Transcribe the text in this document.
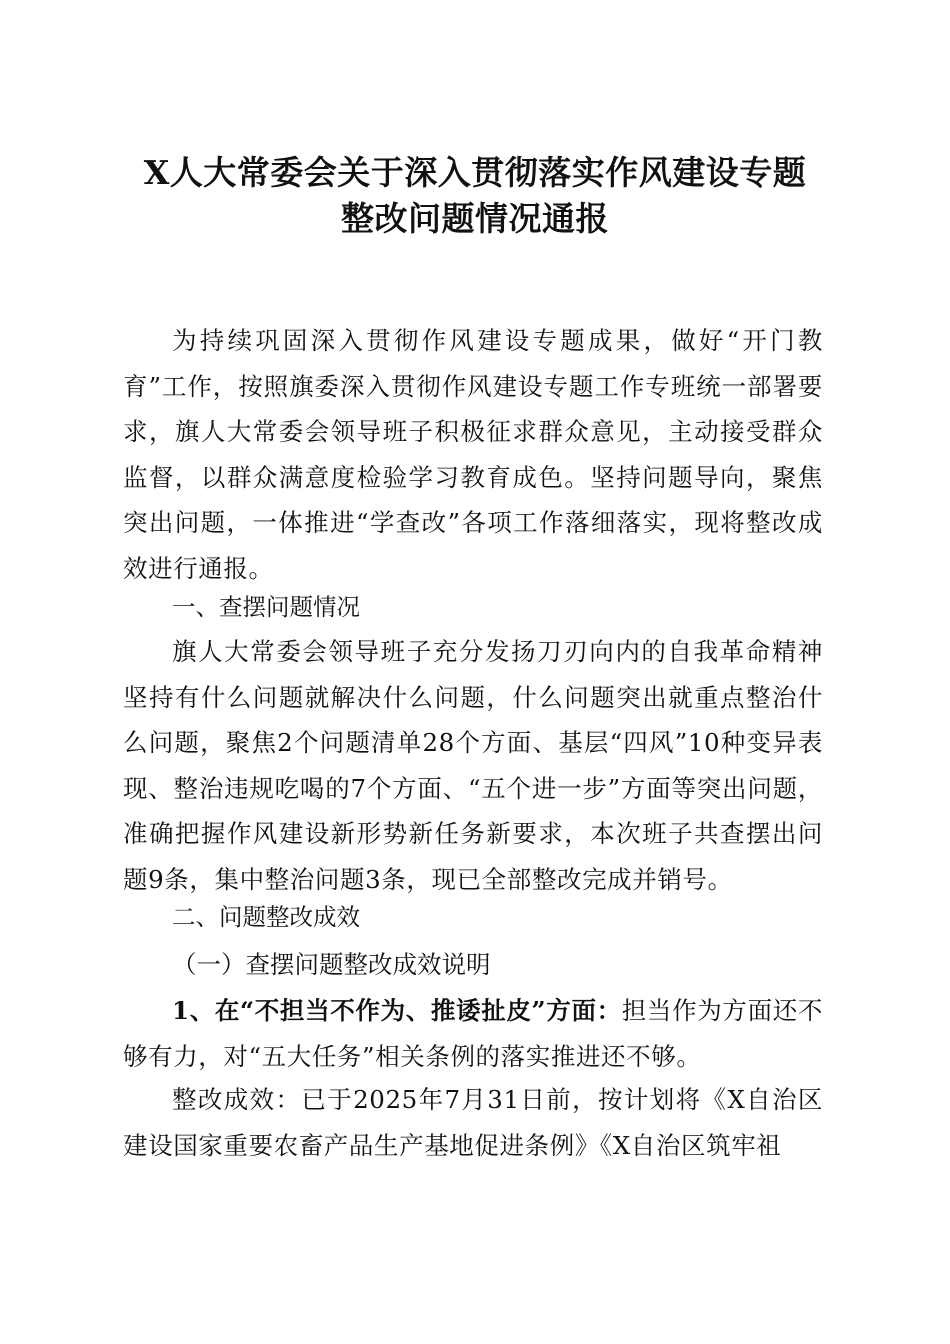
X人大常委会关于深入贯彻落实作风建设专题
整改问题情况通报

为持续巩固深入贯彻作风建设专题成果，做好“开门教育”工作，按照旗委深入贯彻作风建设专题工作专班统一部署要求，旗人大常委会领导班子积极征求群众意见，主动接受群众监督，以群众满意度检验学习教育成色。坚持问题导向，聚焦突出问题，一体推进“学查改”各项工作落细落实，现将整改成效进行通报。

一、查摆问题情况

旗人大常委会领导班子充分发扬刀刃向内的自我革命精神坚持有什么问题就解决什么问题，什么问题突出就重点整治什么问题，聚焦2个问题清单28个方面、基层“四风”10种变异表现、整治违规吃喝的7个方面、“五个进一步”方面等突出问题，准确把握作风建设新形势新任务新要求，本次班子共查摆出问题9条，集中整治问题3条，现已全部整改完成并销号。

二、问题整改成效
（一）查摆问题整改成效说明

1、在“不担当不作为、推诿扯皮”方面：担当作为方面还不够有力，对“五大任务”相关条例的落实推进还不够。

整改成效：已于2025年7月31日前，按计划将《X自治区建设国家重要农畜产品生产基地促进条例》《X自治区筑牢祖
